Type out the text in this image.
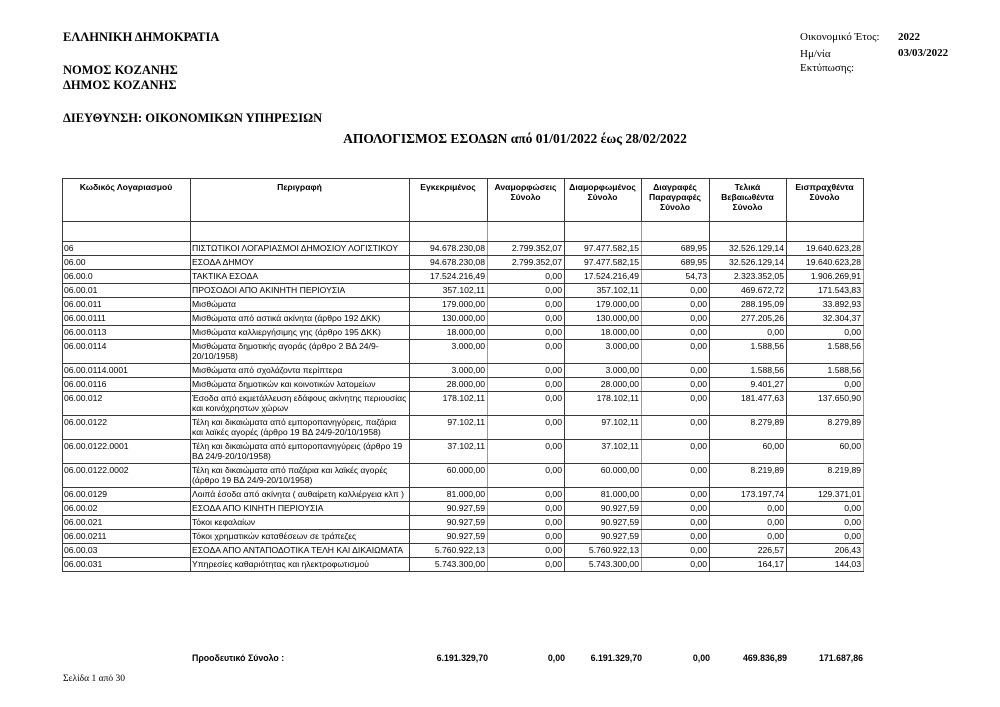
ΕΛΛΗΝΙΚΗ ΔΗΜΟΚΡΑΤΙΑ
ΝΟΜΟΣ ΚΟΖΑΝΗΣ
ΔΗΜΟΣ ΚΟΖΑΝΗΣ
ΔΙΕΥΘΥΝΣΗ: ΟΙΚΟΝΟΜΙΚΩΝ ΥΠΗΡΕΣΙΩΝ
ΑΠΟΛΟΓΙΣΜΟΣ ΕΣΟΔΩΝ από 01/01/2022 έως 28/02/2022
Οικονομικό Έτος: 2022
Ημ/νία Εκτύπωσης:
03/03/2022
Κωδικός Λογαριασμού	Περιγραφή	Εγκεκριμένος	Αναμορφώσεις Σύνολο	Διαμορφωμένος Σύνολο	Διαγραφές Παραγραφές Σύνολο	Τελικά Βεβαιωθέντα Σύνολο	Εισπραχθέντα Σύνολο

06	ΠΙΣΤΩΤΙΚΟΙ ΛΟΓΑΡΙΑΣΜΟΙ ΔΗΜΟΣΙΟΥ ΛΟΓΙΣΤΙΚΟΥ	94.678.230,08	2.799.352,07	97.477.582,15	689,95	32.526.129,14	19.640.623,28
06.00	ΕΣΟΔΑ ΔΗΜΟΥ	94.678.230,08	2.799.352,07	97.477.582,15	689,95	32.526.129,14	19.640.623,28
06.00.0	ΤΑΚΤΙΚΑ ΕΣΟΔΑ	17.524.216,49	0,00	17.524.216,49	54,73	2.323.352,05	1.906.269,91
06.00.01	ΠΡΟΣΟΔΟΙ ΑΠΟ ΑΚΙΝΗΤΗ ΠΕΡΙΟΥΣΙΑ	357.102,11	0,00	357.102,11	0,00	469.672,72	171.543,83
06.00.011	Μισθώματα	179.000,00	0,00	179.000,00	0,00	288.195,09	33.892,93
06.00.0111	Μισθώματα από αστικά ακίνητα (άρθρο 192 ΔΚΚ)	130.000,00	0,00	130.000,00	0,00	277.205,26	32.304,37
06.00.0113	Μισθώματα καλλιεργήσιμης γης (άρθρο 195 ΔΚΚ)	18.000,00	0,00	18.000,00	0,00	0,00	0,00
06.00.0114	Μισθώματα δημοτικής αγοράς (άρθρο 2 ΒΔ 24/9-20/10/1958)	3.000,00	0,00	3.000,00	0,00	1.588,56	1.588,56
06.00.0114.0001	Μισθώματα από σχολάζοντα περίπτερα	3.000,00	0,00	3.000,00	0,00	1.588,56	1.588,56
06.00.0116	Μισθώματα δημοτικών και κοινοτικών λατομείων	28.000,00	0,00	28.000,00	0,00	9.401,27	0,00
06.00.012	Έσοδα από εκμετάλλευση εδάφους ακίνητης περιουσίας και κοινόχρηστων χώρων	178.102,11	0,00	178.102,11	0,00	181.477,63	137.650,90
06.00.0122	Τέλη και δικαιώματα από εμποροπανηγύρεις, παζάρια και λαϊκές αγορές (άρθρο 19 ΒΔ 24/9-20/10/1958)	97.102,11	0,00	97.102,11	0,00	8.279,89	8.279,89
06.00.0122.0001	Τέλη και δικαιώματα από εμποροπανηγύρεις (άρθρο 19 ΒΔ 24/9-20/10/1958)	37.102,11	0,00	37.102,11	0,00	60,00	60,00
06.00.0122.0002	Τέλη και δικαιώματα από παζάρια και λαϊκές αγορές (άρθρο 19 ΒΔ 24/9-20/10/1958)	60.000,00	0,00	60.000,00	0,00	8.219,89	8.219,89
06.00.0129	Λοιπά έσοδα από ακίνητα ( αυθαίρετη καλλιέργεια κλπ )	81.000,00	0,00	81.000,00	0,00	173.197,74	129.371,01
06.00.02	ΕΣΟΔΑ ΑΠΟ ΚΙΝΗΤΗ ΠΕΡΙΟΥΣΙΑ	90.927,59	0,00	90.927,59	0,00	0,00	0,00
06.00.021	Τόκοι κεφαλαίων	90.927,59	0,00	90.927,59	0,00	0,00	0,00
06.00.0211	Τόκοι χρηματικών καταθέσεων σε τράπεζες	90.927,59	0,00	90.927,59	0,00	0,00	0,00
06.00.03	ΕΣΟΔΑ ΑΠΟ ΑΝΤΑΠΟΔΟΤΙΚΑ ΤΕΛΗ ΚΑΙ ΔΙΚΑΙΩΜΑΤΑ	5.760.922,13	0,00	5.760.922,13	0,00	226,57	206,43
06.00.031	Υπηρεσίες καθαριότητας και ηλεκτροφωτισμού	5.743.300,00	0,00	5.743.300,00	0,00	164,17	144,03
Προοδευτικό Σύνολο :	6.191.329,70	0,00	6.191.329,70	0,00	469.836,89	171.687,86
Σελίδα 1 από 30
